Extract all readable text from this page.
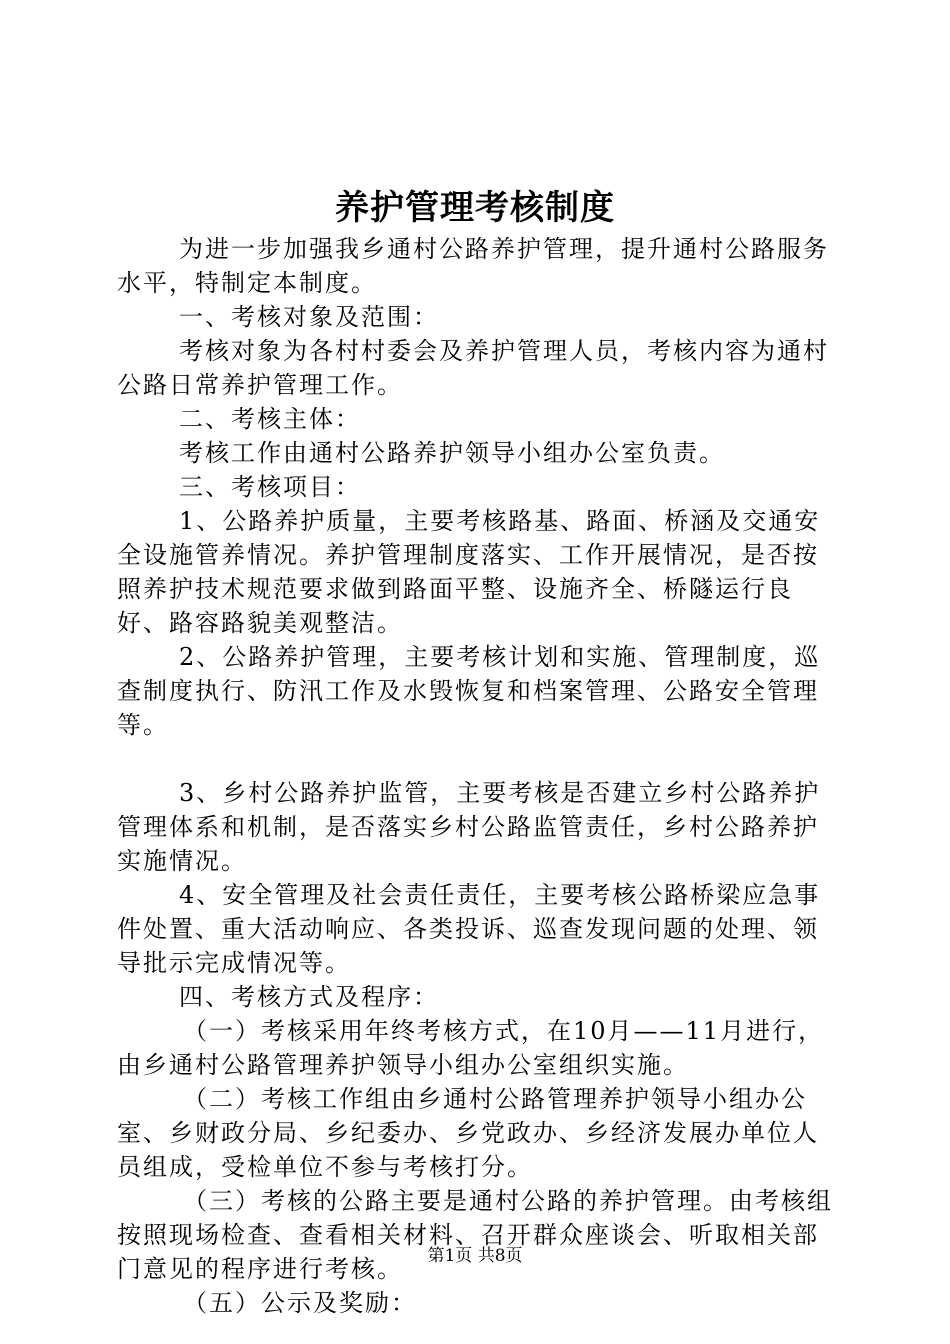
养护管理考核制度

为进一步加强我乡通村公路养护管理，提升通村公路服务水平，特制定本制度。

一、考核对象及范围：

考核对象为各村村委会及养护管理人员，考核内容为通村公路日常养护管理工作。

二、考核主体：

考核工作由通村公路养护领导小组办公室负责。

三、考核项目：

1、公路养护质量，主要考核路基、路面、桥涵及交通安全设施管养情况。养护管理制度落实、工作开展情况，是否按照养护技术规范要求做到路面平整、设施齐全、桥隧运行良好、路容路貌美观整洁。

2、公路养护管理，主要考核计划和实施、管理制度，巡查制度执行、防汛工作及水毁恢复和档案管理、公路安全管理等。

3、乡村公路养护监管，主要考核是否建立乡村公路养护管理体系和机制，是否落实乡村公路监管责任，乡村公路养护实施情况。

4、安全管理及社会责任责任，主要考核公路桥梁应急事件处置、重大活动响应、各类投诉、巡查发现问题的处理、领导批示完成情况等。

四、考核方式及程序：

（一）考核采用年终考核方式，在10月——11月进行，由乡通村公路管理养护领导小组办公室组织实施。

（二）考核工作组由乡通村公路管理养护领导小组办公室、乡财政分局、乡纪委办、乡党政办、乡经济发展办单位人员组成，受检单位不参与考核打分。

（三）考核的公路主要是通村公路的养护管理。由考核组按照现场检查、查看相关材料、召开群众座谈会、听取相关部门意见的程序进行考核。

（五）公示及奖励：

第1页 共8页
